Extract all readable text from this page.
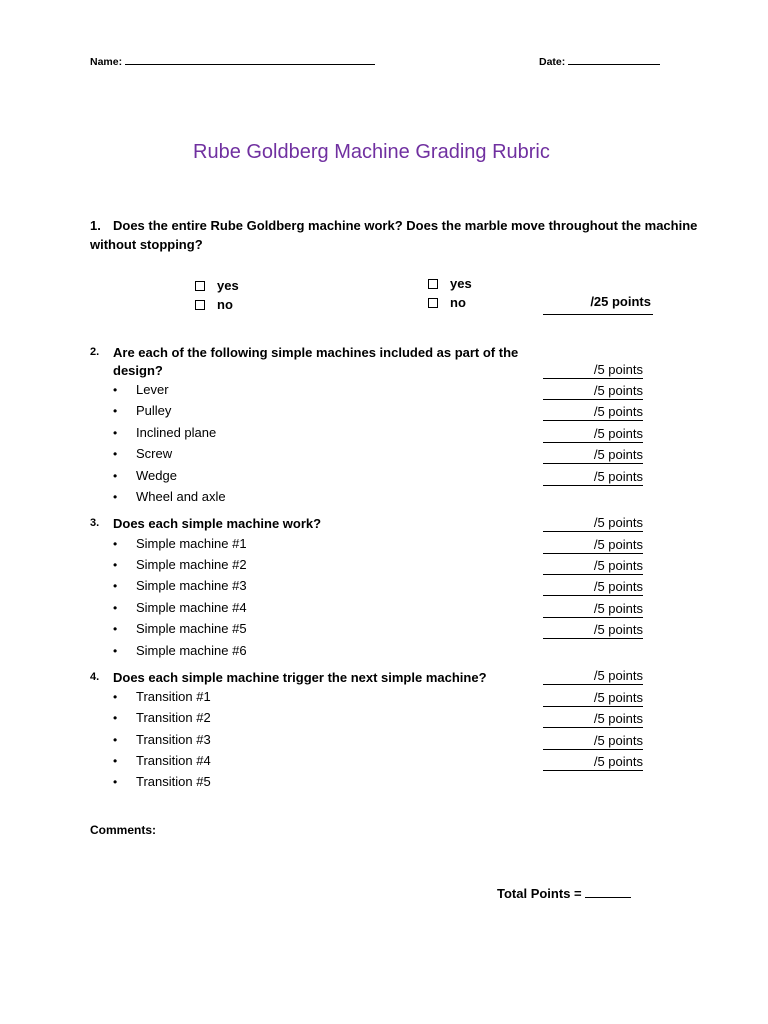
Name:	Date:
Rube Goldberg Machine Grading Rubric
1. Does the entire Rube Goldberg machine work? Does the marble move throughout the machine
without stopping?
yes
no
yes
no	/25 points
2. Are each of the following simple machines included as part of the
design?
• Lever
• Pulley
• Inclined plane
• Screw
• Wedge
• Wheel and axle
/5 points
/5 points
/5 points
/5 points
/5 points
/5 points
3. Does each simple machine work?
• Simple machine #1
• Simple machine #2
• Simple machine #3
• Simple machine #4
• Simple machine #5
• Simple machine #6
/5 points
/5 points
/5 points
/5 points
/5 points
/5 points
4. Does each simple machine trigger the next simple machine?
• Transition #1
• Transition #2
• Transition #3
• Transition #4
• Transition #5
/5 points
/5 points
/5 points
/5 points
/5 points
Comments:
Total Points =
